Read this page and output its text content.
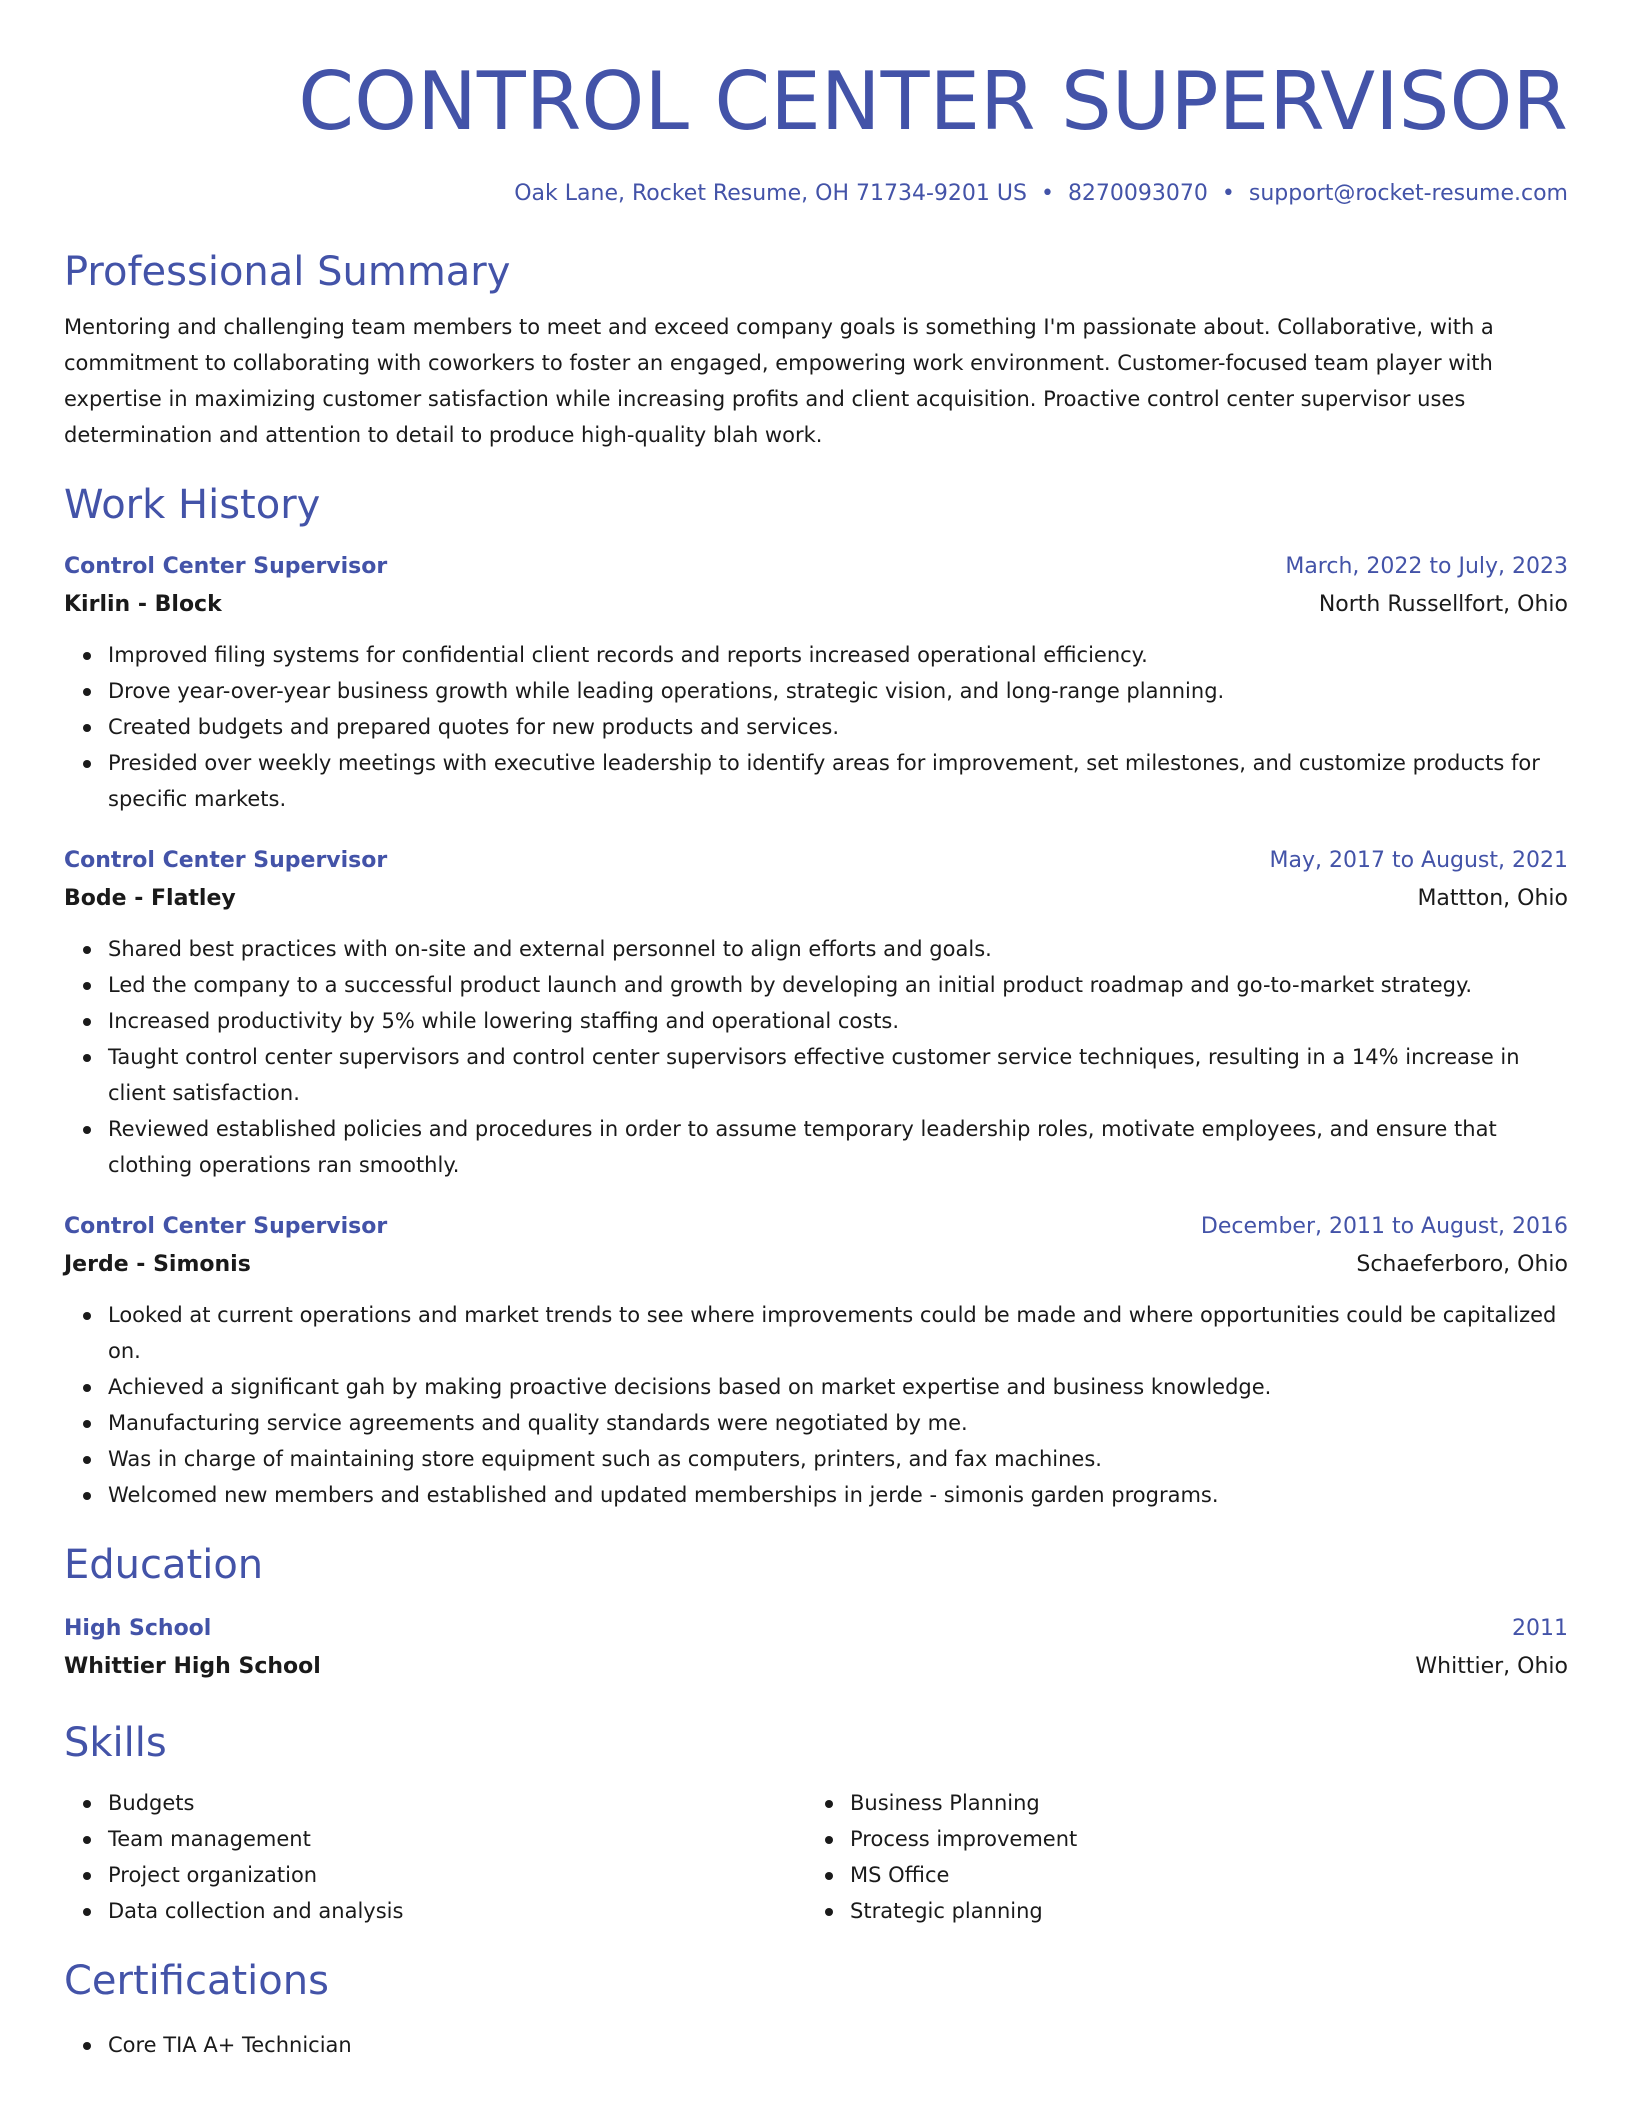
CONTROL CENTER SUPERVISOR
Oak Lane, Rocket Resume, OH 71734-9201 US • 8270093070 • support@rocket-resume.com
Professional Summary

Mentoring and challenging team members to meet and exceed company goals is something I'm passionate about. Collaborative, with a commitment to collaborating with coworkers to foster an engaged, empowering work environment. Customer-focused team player with expertise in maximizing customer satisfaction while increasing profits and client acquisition. Proactive control center supervisor uses determination and attention to detail to produce high-quality blah work.

Work History
Control Center Supervisor	March, 2022 to July, 2023
Kirlin - Block	North Russellfort, Ohio
Improved filing systems for confidential client records and reports increased operational efficiency.
Drove year-over-year business growth while leading operations, strategic vision, and long-range planning.
Created budgets and prepared quotes for new products and services.
Presided over weekly meetings with executive leadership to identify areas for improvement, set milestones, and customize products for specific markets.
Control Center Supervisor	May, 2017 to August, 2021
Bode - Flatley	Mattton, Ohio
Shared best practices with on-site and external personnel to align efforts and goals.
Led the company to a successful product launch and growth by developing an initial product roadmap and go-to-market strategy.
Increased productivity by 5% while lowering staffing and operational costs.
Taught control center supervisors and control center supervisors effective customer service techniques, resulting in a 14% increase in client satisfaction.
Reviewed established policies and procedures in order to assume temporary leadership roles, motivate employees, and ensure that clothing operations ran smoothly.
Control Center Supervisor	December, 2011 to August, 2016
Jerde - Simonis	Schaeferboro, Ohio
Looked at current operations and market trends to see where improvements could be made and where opportunities could be capitalized on.
Achieved a significant gah by making proactive decisions based on market expertise and business knowledge.
Manufacturing service agreements and quality standards were negotiated by me.
Was in charge of maintaining store equipment such as computers, printers, and fax machines.
Welcomed new members and established and updated memberships in jerde - simonis garden programs.
Education
High School	2011
Whittier High School	Whittier, Ohio
Skills
Budgets
Team management
Project organization
Data collection and analysis
Business Planning
Process improvement
MS Office
Strategic planning
Certifications
Core TIA A+ Technician
